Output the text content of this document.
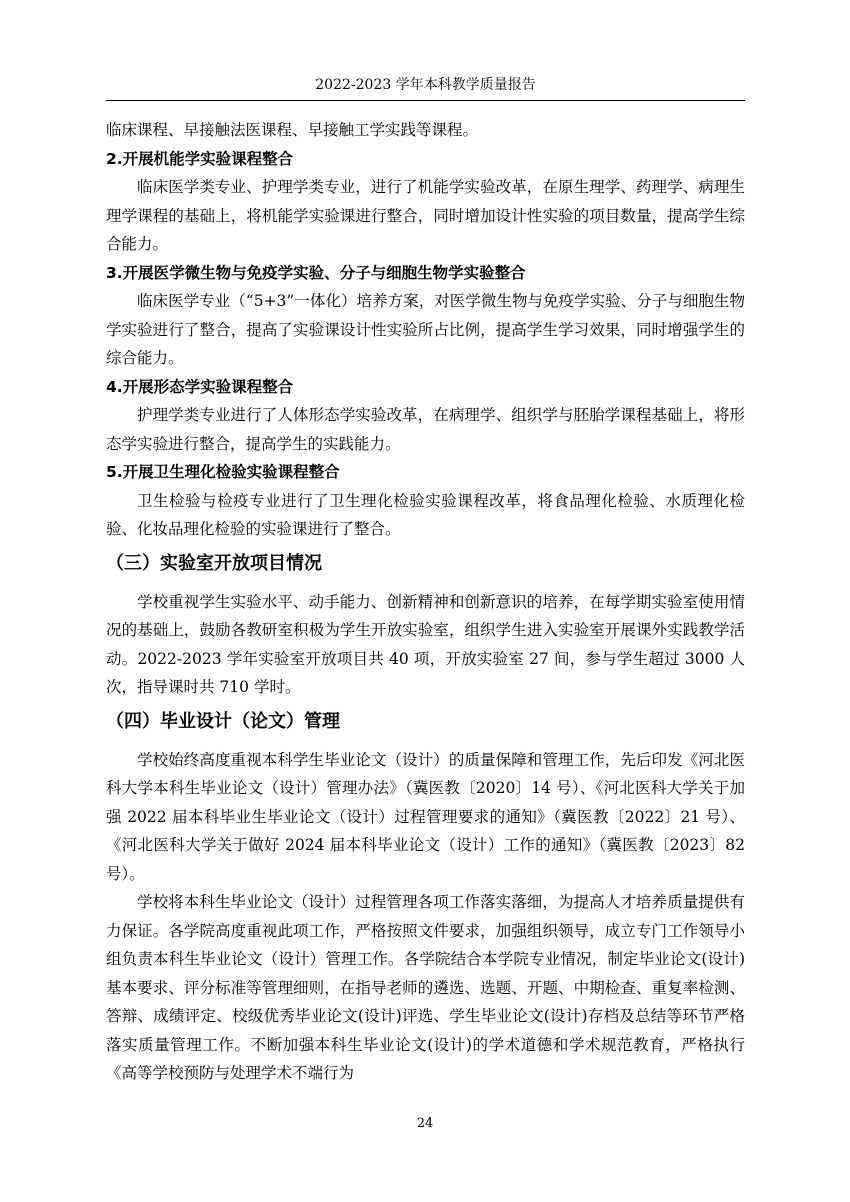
2022-2023 学年本科教学质量报告

临床课程、早接触法医课程、早接触工学实践等课程。

2.开展机能学实验课程整合

临床医学类专业、护理学类专业，进行了机能学实验改革，在原生理学、药理学、病理生理学课程的基础上，将机能学实验课进行整合，同时增加设计性实验的项目数量，提高学生综合能力。

3.开展医学微生物与免疫学实验、分子与细胞生物学实验整合

临床医学专业（“5+3”一体化）培养方案，对医学微生物与免疫学实验、分子与细胞生物学实验进行了整合，提高了实验课设计性实验所占比例，提高学生学习效果，同时增强学生的综合能力。

4.开展形态学实验课程整合

护理学类专业进行了人体形态学实验改革，在病理学、组织学与胚胎学课程基础上，将形态学实验进行整合，提高学生的实践能力。

5.开展卫生理化检验实验课程整合

卫生检验与检疫专业进行了卫生理化检验实验课程改革，将食品理化检验、水质理化检验、化妆品理化检验的实验课进行了整合。

（三）实验室开放项目情况

学校重视学生实验水平、动手能力、创新精神和创新意识的培养，在每学期实验室使用情况的基础上，鼓励各教研室积极为学生开放实验室，组织学生进入实验室开展课外实践教学活动。2022-2023 学年实验室开放项目共 40 项，开放实验室 27 间，参与学生超过 3000 人次，指导课时共 710 学时。

（四）毕业设计（论文）管理

学校始终高度重视本科学生毕业论文（设计）的质量保障和管理工作，先后印发《河北医科大学本科生毕业论文（设计）管理办法》（冀医教〔2020〕14 号）、《河北医科大学关于加强 2022 届本科毕业生毕业论文（设计）过程管理要求的通知》（冀医教〔2022〕21 号）、《河北医科大学关于做好 2024 届本科毕业论文（设计）工作的通知》（冀医教〔2023〕82 号）。

学校将本科生毕业论文（设计）过程管理各项工作落实落细，为提高人才培养质量提供有力保证。各学院高度重视此项工作，严格按照文件要求，加强组织领导，成立专门工作领导小组负责本科生毕业论文（设计）管理工作。各学院结合本学院专业情况，制定毕业论文(设计)基本要求、评分标准等管理细则，在指导老师的遴选、选题、开题、中期检查、重复率检测、答辩、成绩评定、校级优秀毕业论文(设计)评选、学生毕业论文(设计)存档及总结等环节严格落实质量管理工作。不断加强本科生毕业论文(设计)的学术道德和学术规范教育，严格执行《高等学校预防与处理学术不端行为

24
